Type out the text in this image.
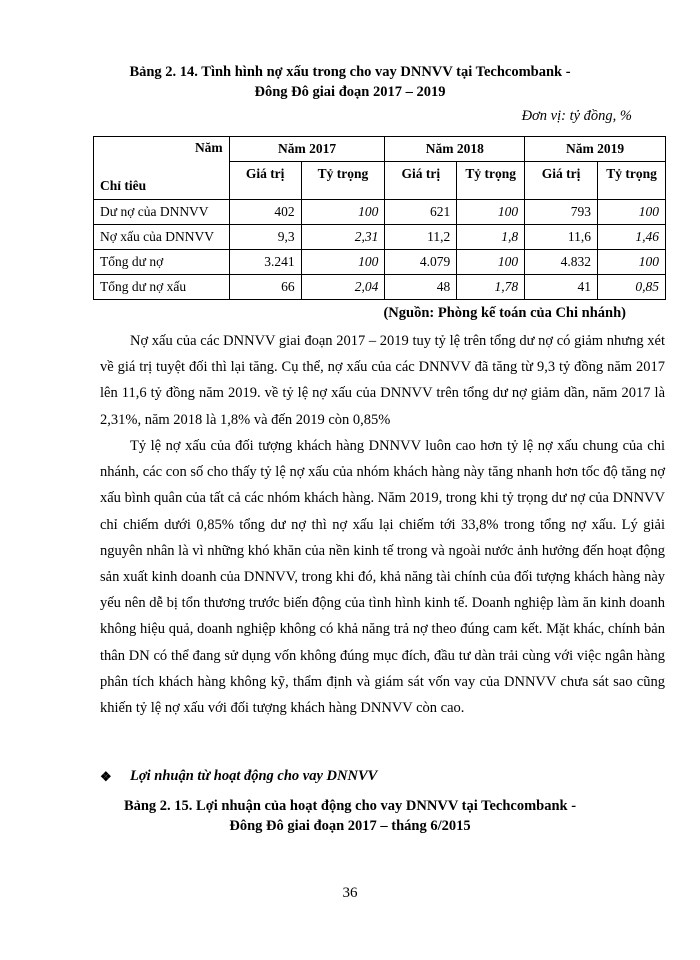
Bảng 2. 14. Tình hình nợ xấu trong cho vay DNNVV tại Techcombank -
Đông Đô giai đoạn 2017 – 2019
Đơn vị: tỷ đồng, %
Năm
Chỉ tiêu	Năm 2017		Năm 2018		Năm 2019	
	Giá trị	Tỷ trọng	Giá trị	Tỷ trọng	Giá trị	Tỷ trọng
Dư nợ của DNNVV	402	100	621	100	793	100
Nợ xấu của DNNVV	9,3	2,31	11,2	1,8	11,6	1,46
Tổng dư nợ	3.241	100	4.079	100	4.832	100
Tổng dư nợ xấu	66	2,04	48	1,78	41	0,85
(Nguồn: Phòng kế toán của Chi nhánh)

Nợ xấu của các DNNVV giai đoạn 2017 – 2019 tuy tỷ lệ trên tổng dư nợ có giảm nhưng xét về giá trị tuyệt đối thì lại tăng. Cụ thể, nợ xấu của các DNNVV đã tăng từ 9,3 tỷ đồng năm 2017 lên 11,6 tỷ đồng năm 2019. về tỷ lệ nợ xấu của DNNVV trên tổng dư nợ giảm dần, năm 2017 là 2,31%, năm 2018 là 1,8% và đến 2019 còn 0,85%

Tỷ lệ nợ xấu của đối tượng khách hàng DNNVV luôn cao hơn tỷ lệ nợ xấu chung của chi nhánh, các con số cho thấy tỷ lệ nợ xấu của nhóm khách hàng này tăng nhanh hơn tốc độ tăng nợ xấu bình quân của tất cả các nhóm khách hàng. Năm 2019, trong khi tỷ trọng dư nợ của DNNVV chỉ chiếm dưới 0,85% tổng dư nợ thì nợ xấu lại chiếm tới 33,8% trong tổng nợ xấu. Lý giải nguyên nhân là vì những khó khăn của nền kinh tế trong và ngoài nước ảnh hưởng đến hoạt động sản xuất kinh doanh của DNNVV, trong khi đó, khả năng tài chính của đối tượng khách hàng này yếu nên dễ bị tổn thương trước biến động của tình hình kinh tế. Doanh nghiệp làm ăn kinh doanh không hiệu quả, doanh nghiệp không có khả năng trả nợ theo đúng cam kết. Mặt khác, chính bản thân DN có thể đang sử dụng vốn không đúng mục đích, đầu tư dàn trải cùng với việc ngân hàng phân tích khách hàng không kỹ, thẩm định và giám sát vốn vay của DNNVV chưa sát sao cũng khiến tỷ lệ nợ xấu với đối tượng khách hàng DNNVV còn cao.

❖	Lợi nhuận từ hoạt động cho vay DNNVV
Bảng 2. 15. Lợi nhuận của hoạt động cho vay DNNVV tại Techcombank -
Đông Đô giai đoạn 2017 – tháng 6/2015
36
